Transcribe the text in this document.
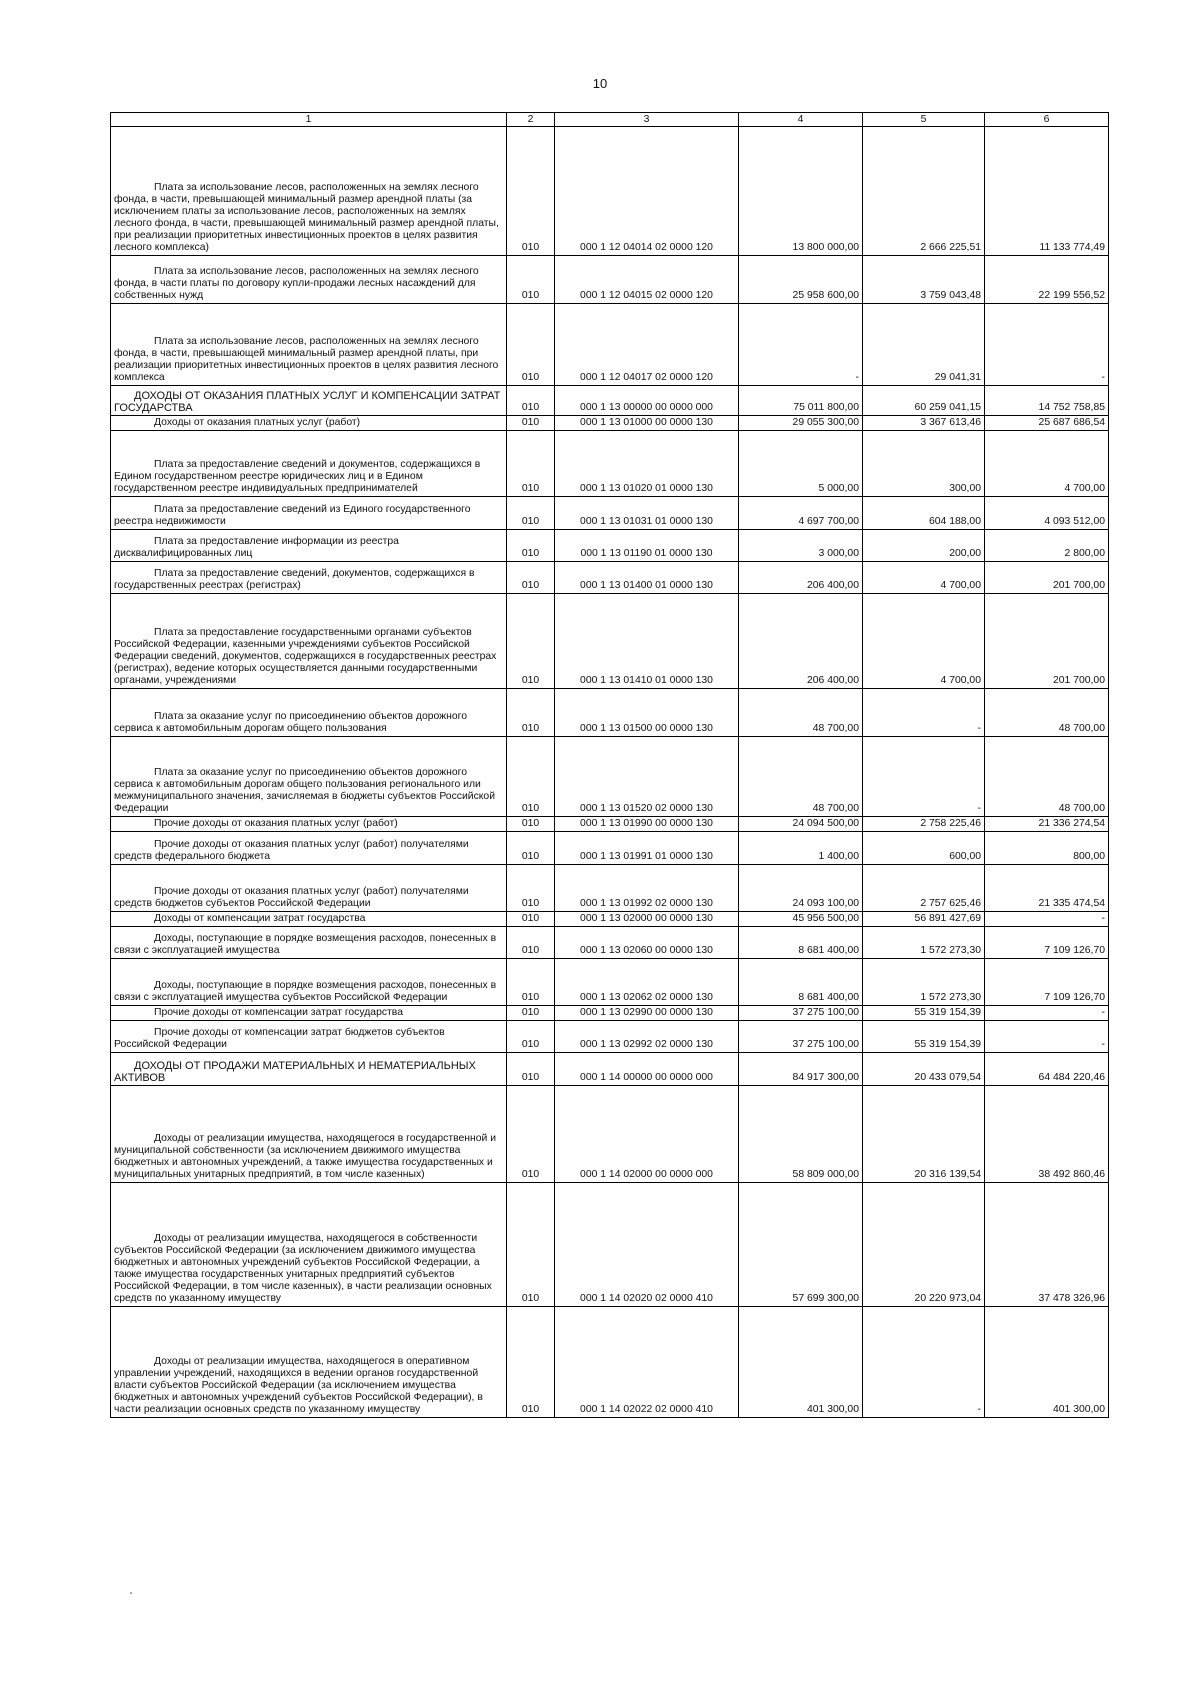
10
1	2	3	4	5	6

Плата за использование лесов, расположенных на землях лесного фонда, в части, превышающей минимальный размер арендной платы (за исключением платы за использование лесов, расположенных на землях лесного фонда, в части, превышающей минимальный размер арендной платы, при реализации приоритетных инвестиционных проектов в целях развития лесного комплекса)	010	000 1 12 04014 02 0000 120	13 800 000,00	2 666 225,51	11 133 774,49

Плата за использование лесов, расположенных на землях лесного фонда, в части платы по договору купли-продажи лесных насаждений для собственных нужд	010	000 1 12 04015 02 0000 120	25 958 600,00	3 759 043,48	22 199 556,52

Плата за использование лесов, расположенных на землях лесного фонда, в части, превышающей минимальный размер арендной платы, при реализации приоритетных инвестиционных проектов в целях развития лесного комплекса	010	000 1 12 04017 02 0000 120	-	29 041,31	-

ДОХОДЫ ОТ ОКАЗАНИЯ ПЛАТНЫХ УСЛУГ И КОМПЕНСАЦИИ ЗАТРАТ ГОСУДАРСТВА	010	000 1 13 00000 00 0000 000	75 011 800,00	60 259 041,15	14 752 758,85

Доходы от оказания платных услуг (работ)	010	000 1 13 01000 00 0000 130	29 055 300,00	3 367 613,46	25 687 686,54

Плата за предоставление сведений и документов, содержащихся в Едином государственном реестре юридических лиц и в Едином государственном реестре индивидуальных предпринимателей	010	000 1 13 01020 01 0000 130	5 000,00	300,00	4 700,00

Плата за предоставление сведений из Единого государственного реестра недвижимости	010	000 1 13 01031 01 0000 130	4 697 700,00	604 188,00	4 093 512,00

Плата за предоставление информации из реестра дисквалифицированных лиц	010	000 1 13 01190 01 0000 130	3 000,00	200,00	2 800,00

Плата за предоставление сведений, документов, содержащихся в государственных реестрах (регистрах)	010	000 1 13 01400 01 0000 130	206 400,00	4 700,00	201 700,00

Плата за предоставление государственными органами субъектов Российской Федерации, казенными учреждениями субъектов Российской Федерации сведений, документов, содержащихся в государственных реестрах (регистрах), ведение которых осуществляется данными государственными органами, учреждениями	010	000 1 13 01410 01 0000 130	206 400,00	4 700,00	201 700,00

Плата за оказание услуг по присоединению объектов дорожного сервиса к автомобильным дорогам общего пользования	010	000 1 13 01500 00 0000 130	48 700,00	-	48 700,00

Плата за оказание услуг по присоединению объектов дорожного сервиса к автомобильным дорогам общего пользования регионального или межмуниципального значения, зачисляемая в бюджеты субъектов Российской Федерации	010	000 1 13 01520 02 0000 130	48 700,00	-	48 700,00

Прочие доходы от оказания платных услуг (работ)	010	000 1 13 01990 00 0000 130	24 094 500,00	2 758 225,46	21 336 274,54

Прочие доходы от оказания платных услуг (работ) получателями средств федерального бюджета	010	000 1 13 01991 01 0000 130	1 400,00	600,00	800,00

Прочие доходы от оказания платных услуг (работ) получателями средств бюджетов субъектов Российской Федерации	010	000 1 13 01992 02 0000 130	24 093 100,00	2 757 625,46	21 335 474,54

Доходы от компенсации затрат государства	010	000 1 13 02000 00 0000 130	45 956 500,00	56 891 427,69	-

Доходы, поступающие в порядке возмещения расходов, понесенных в связи с эксплуатацией имущества	010	000 1 13 02060 00 0000 130	8 681 400,00	1 572 273,30	7 109 126,70

Доходы, поступающие в порядке возмещения расходов, понесенных в связи с эксплуатацией имущества субъектов Российской Федерации	010	000 1 13 02062 02 0000 130	8 681 400,00	1 572 273,30	7 109 126,70

Прочие доходы от компенсации затрат государства	010	000 1 13 02990 00 0000 130	37 275 100,00	55 319 154,39	-

Прочие доходы от компенсации затрат бюджетов субъектов Российской Федерации	010	000 1 13 02992 02 0000 130	37 275 100,00	55 319 154,39	-

ДОХОДЫ ОТ ПРОДАЖИ МАТЕРИАЛЬНЫХ И НЕМАТЕРИАЛЬНЫХ АКТИВОВ	010	000 1 14 00000 00 0000 000	84 917 300,00	20 433 079,54	64 484 220,46

Доходы от реализации имущества, находящегося в государственной и муниципальной собственности (за исключением движимого имущества бюджетных и автономных учреждений, а также имущества государственных и муниципальных унитарных предприятий, в том числе казенных)	010	000 1 14 02000 00 0000 000	58 809 000,00	20 316 139,54	38 492 860,46

Доходы от реализации имущества, находящегося в собственности субъектов Российской Федерации (за исключением движимого имущества бюджетных и автономных учреждений субъектов Российской Федерации, а также имущества государственных унитарных предприятий субъектов Российской Федерации, в том числе казенных), в части реализации основных средств по указанному имуществу	010	000 1 14 02020 02 0000 410	57 699 300,00	20 220 973,04	37 478 326,96

Доходы от реализации имущества, находящегося в оперативном управлении учреждений, находящихся в ведении органов государственной власти субъектов Российской Федерации (за исключением имущества бюджетных и автономных учреждений субъектов Российской Федерации), в части реализации основных средств по указанному имуществу	010	000 1 14 02022 02 0000 410	401 300,00	-	401 300,00
